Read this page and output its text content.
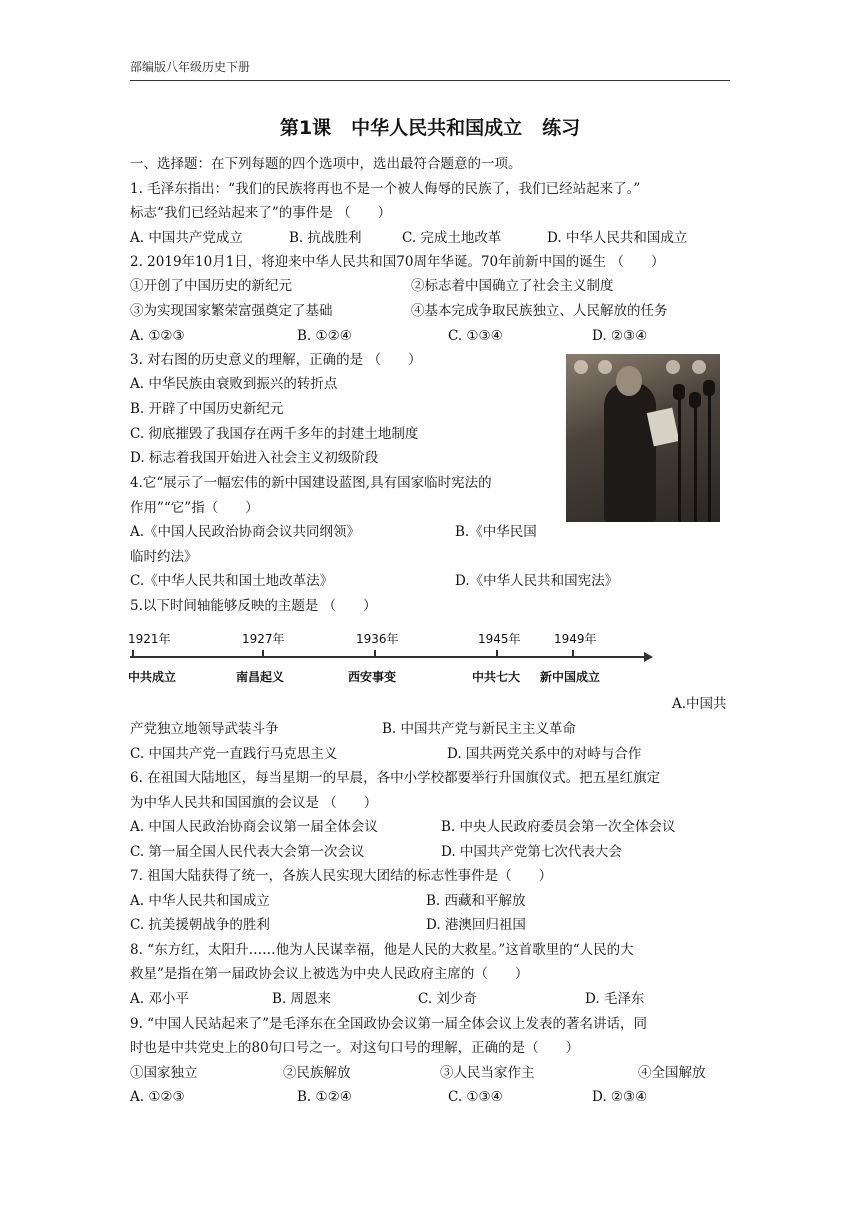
部编版八年级历史下册
第1课 中华人民共和国成立 练习
一、选择题：在下列每题的四个选项中，选出最符合题意的一项。
1. 毛泽东指出：“我们的民族将再也不是一个被人侮辱的民族了，我们已经站起来了。”
标志“我们已经站起来了”的事件是 （　　）
A. 中国共产党成立	B. 抗战胜利	C. 完成土地改革	D. 中华人民共和国成立
2. 2019年10月1日，将迎来中华人民共和国70周年华诞。70年前新中国的诞生 （　　）
①开创了中国历史的新纪元	②标志着中国确立了社会主义制度
③为实现国家繁荣富强奠定了基础	④基本完成争取民族独立、人民解放的任务
A. ①②③	B. ①②④	C. ①③④	D. ②③④
3. 对右图的历史意义的理解，正确的是 （　　）
A. 中华民族由衰败到振兴的转折点
B. 开辟了中国历史新纪元
C. 彻底摧毁了我国存在两千多年的封建土地制度
D. 标志着我国开始进入社会主义初级阶段
4.它“展示了一幅宏伟的新中国建设蓝图,具有国家临时宪法的
作用”“它”指（　　）
A.《中国人民政治协商会议共同纲领》	B.《中华民国
临时约法》
C.《中华人民共和国土地改革法》	D.《中华人民共和国宪法》
5.以下时间轴能够反映的主题是 （　　）
1921年
中共成立
1927年
南昌起义
1936年
西安事变
1945年
中共七大
1949年
新中国成立
A.中国共
产党独立地领导武装斗争	B. 中国共产党与新民主主义革命
C. 中国共产党一直践行马克思主义	D. 国共两党关系中的对峙与合作
6. 在祖国大陆地区，每当星期一的早晨，各中小学校都要举行升国旗仪式。把五星红旗定
为中华人民共和国国旗的会议是 （　　）
A. 中国人民政治协商会议第一届全体会议	B. 中央人民政府委员会第一次全体会议
C. 第一届全国人民代表大会第一次会议	D. 中国共产党第七次代表大会
7. 祖国大陆获得了统一，各族人民实现大团结的标志性事件是（　　）
A. 中华人民共和国成立	B. 西藏和平解放
C. 抗美援朝战争的胜利	D. 港澳回归祖国
8. “东方红，太阳升……他为人民谋幸福，他是人民的大救星。”这首歌里的“人民的大
救星”是指在第一届政协会议上被选为中央人民政府主席的（　　）
A. 邓小平	B. 周恩来	C. 刘少奇	D. 毛泽东
9. “中国人民站起来了”是毛泽东在全国政协会议第一届全体会议上发表的著名讲话，同
时也是中共党史上的80句口号之一。对这句口号的理解，正确的是（　　）
①国家独立	②民族解放	③人民当家作主	④全国解放
A. ①②③	B. ①②④	C. ①③④	D. ②③④
